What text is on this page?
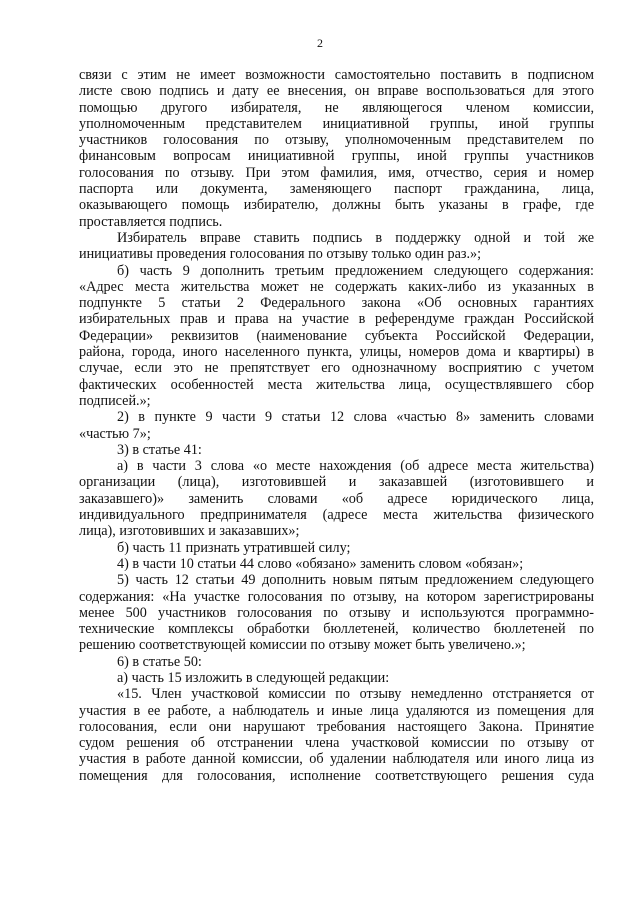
2
связи с этим не имеет возможности самостоятельно поставить в подписном
листе свою подпись и дату ее внесения, он вправе воспользоваться для этого
помощью другого избирателя, не являющегося членом комиссии,
уполномоченным представителем инициативной группы, иной группы
участников голосования по отзыву, уполномоченным представителем по
финансовым вопросам инициативной группы, иной группы участников
голосования по отзыву. При этом фамилия, имя, отчество, серия и номер
паспорта или документа, заменяющего паспорт гражданина, лица,
оказывающего помощь избирателю, должны быть указаны в графе, где
проставляется подпись.
Избиратель вправе ставить подпись в поддержку одной и той же
инициативы проведения голосования по отзыву только один раз.»;
б) часть 9 дополнить третьим предложением следующего содержания:
«Адрес места жительства может не содержать каких-либо из указанных в
подпункте 5 статьи 2 Федерального закона «Об основных гарантиях
избирательных прав и права на участие в референдуме граждан Российской
Федерации» реквизитов (наименование субъекта Российской Федерации,
района, города, иного населенного пункта, улицы, номеров дома и квартиры) в
случае, если это не препятствует его однозначному восприятию с учетом
фактических особенностей места жительства лица, осуществлявшего сбор
подписей.»;
2) в пункте 9 части 9 статьи 12 слова «частью 8» заменить словами
«частью 7»;
3) в статье 41:
а) в части 3 слова «о месте нахождения (об адресе места жительства)
организации (лица), изготовившей и заказавшей (изготовившего и
заказавшего)» заменить словами «об адресе юридического лица,
индивидуального предпринимателя (адресе места жительства физического
лица), изготовивших и заказавших»;
б) часть 11 признать утратившей силу;
4) в части 10 статьи 44 слово «обязано» заменить словом «обязан»;
5) часть 12 статьи 49 дополнить новым пятым предложением следующего
содержания: «На участке голосования по отзыву, на котором зарегистрированы
менее 500 участников голосования по отзыву и используются программно-
технические комплексы обработки бюллетеней, количество бюллетеней по
решению соответствующей комиссии по отзыву может быть увеличено.»;
6) в статье 50:
а) часть 15 изложить в следующей редакции:
«15. Член участковой комиссии по отзыву немедленно отстраняется от
участия в ее работе, а наблюдатель и иные лица удаляются из помещения для
голосования, если они нарушают требования настоящего Закона. Принятие
судом решения об отстранении члена участковой комиссии по отзыву от
участия в работе данной комиссии, об удалении наблюдателя или иного лица из
помещения для голосования, исполнение соответствующего решения суда
